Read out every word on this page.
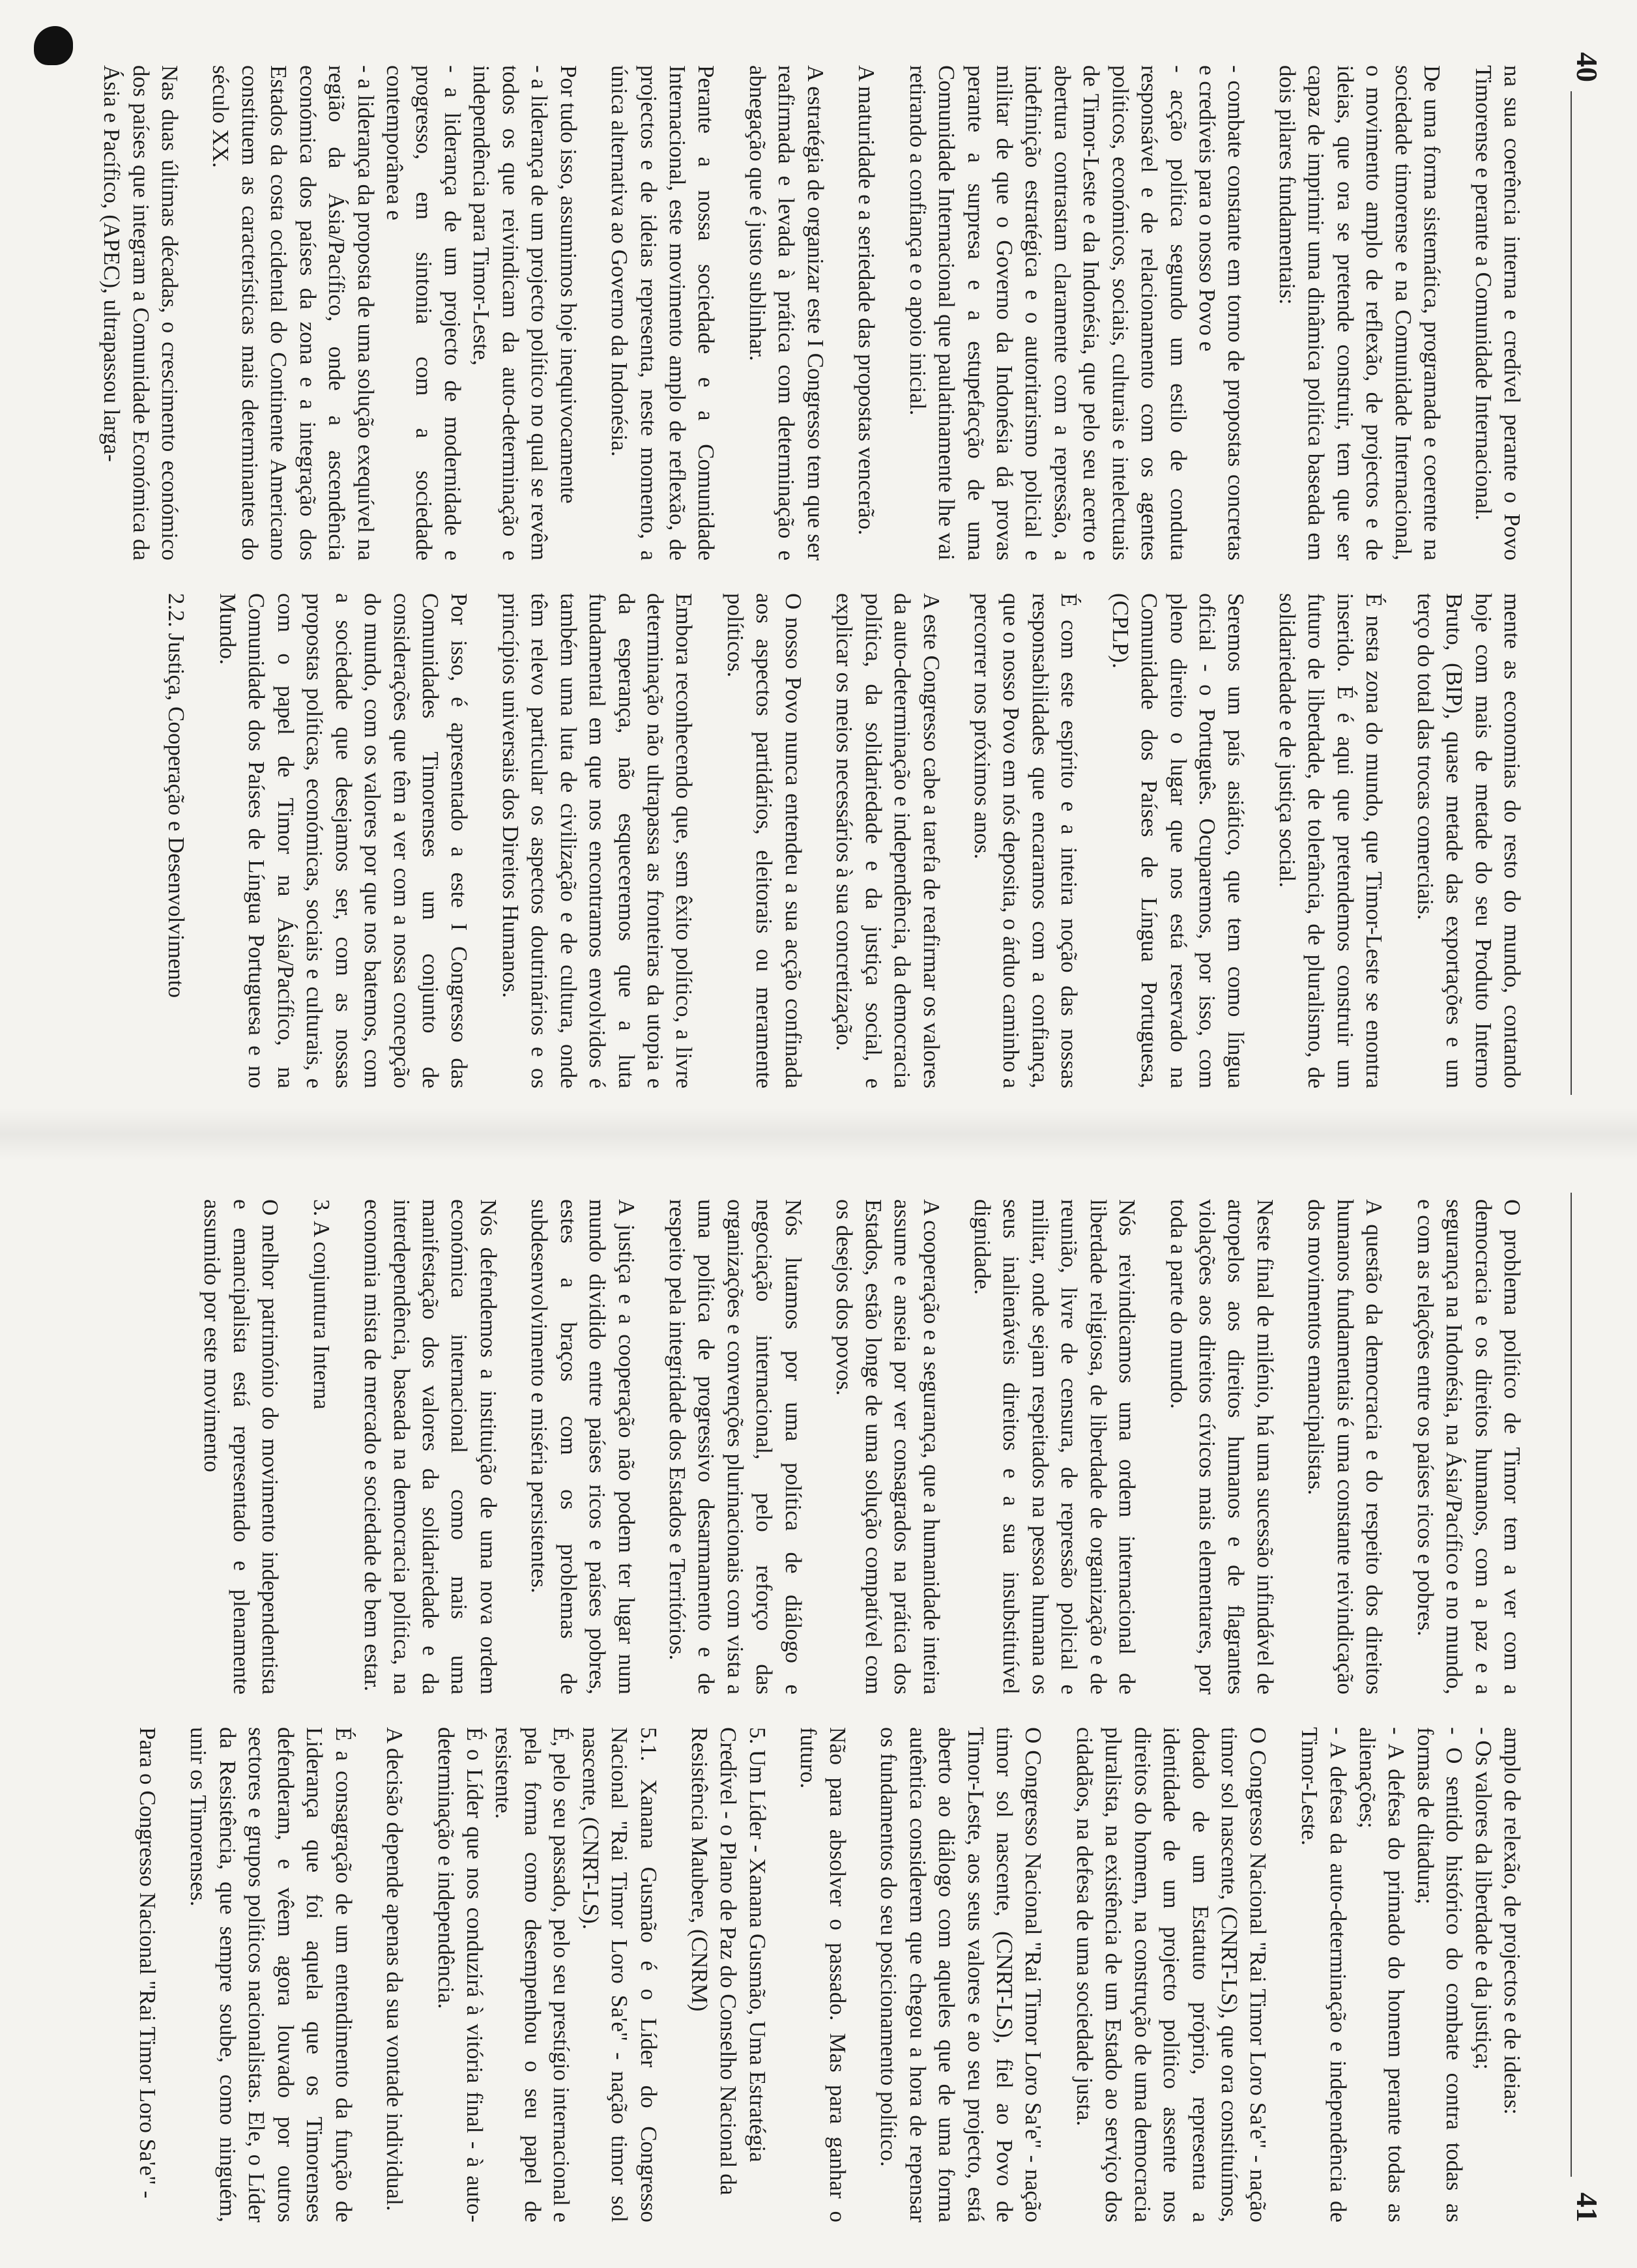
40

na sua coerência interna e credível perante o Povo Timorense e perante a Comunidade Internacional.

De uma forma sistemática, programada e coerente na sociedade timorense e na Comunidade Internacional, o movimento amplo de reflexão, de projectos e de ideias, que ora se pretende construir, tem que ser capaz de imprimir uma dinâmica política baseada em dois pilares fundamentais:

- combate constante em torno de propostas concretas e credíveis para o nosso Povo e
- acção política segundo um estilo de conduta responsável e de relacionamento com os agentes políticos, económicos, sociais, culturais e intelectuais de Timor-Leste e da Indonésia, que pelo seu acerto e abertura contrastam claramente com a repressão, a indefinição estratégica e o autoritarismo policial e militar de que o Governo da Indonésia dá provas perante a surpresa e a estupefacção de uma Comunidade Internacional que paulatinamente lhe vai retirando a confiança e o apoio inicial.

A maturidade e a seriedade das propostas vencerão.

A estratégia de organizar este I Congresso tem que ser reafirmada e levada à prática com determinação e abnegação que é justo sublinhar.

Perante a nossa sociedade e a Comunidade Internacional, este movimento amplo de reflexão, de projectos e de ideias representa, neste momento, a única alternativa ao Governo da Indonésia.

Por tudo isso, assumimos hoje inequivocamente
- a liderança de um projecto político no qual se revêm todos os que reivindicam da auto-determinação e independência para Timor-Leste,
- a liderança de um projecto de modernidade e progresso, em sintonia com a sociedade contemporânea e
- a liderança da proposta de uma solução exequível na região da Ásia/Pacífico, onde a ascendência económica dos países da zona e a integração dos Estados da costa ocidental do Continente Americano constituem as características mais determinantes do século XX.

Nas duas últimas décadas, o crescimento económico dos países que integram a Comunidade Económica da Ásia e Pacífico, (APEC), ultrapassou larga-

mente as economias do resto do mundo, contando hoje com mais de metade do seu Produto Interno Bruto, (BIP), quase metade das exportações e um terço do total das trocas comerciais.

É nesta zona do mundo, que Timor-Leste se enontra inserido. É é aqui que pretendemos construir um futuro de liberdade, de tolerância, de pluralismo, de solidariedade e de justiça social.

Seremos um país asiático, que tem como língua oficial - o Português. Ocuparemos, por isso, com pleno direito o lugar que nos está reservado na Comunidade dos Países de Língua Portuguesa, (CPLP).

É com este espírito e a inteira noção das nossas responsabilidades que encaramos com a confiança, que o nosso Povo em nós deposita, o árduo caminho a percorrer nos próximos anos.

A este Congresso cabe a tarefa de reafirmar os valores da auto-determinação e independência, da democracia política, da solidariedade e da justiça social, e explicar os meios necessários à sua concretização.

O nosso Povo nunca entendeu a sua acção confinada aos aspectos partidários, eleitorais ou meramente políticos.

Embora reconhecendo que, sem êxito político, a livre determinação não ultrapassa as fronteiras da utopia e da esperança, não esqueceremos que a luta fundamental em que nos encontramos envolvidos é também uma luta de civilização e de cultura, onde têm relevo particular os aspectos doutrinários e os princípios universais dos Direitos Humanos.

Por isso, é apresentado a este I Congresso das Comunidades Timorenses um conjunto de considerações que têm a ver com a nossa concepção do mundo, com os valores por que nos batemos, com a sociedade que desejamos ser, com as nossas propostas políticas, económicas, sociais e culturais, e com o papel de Timor na Ásia/Pacífico, na Comunidade dos Países de Língua Portuguesa e no Mundo.

2.2. Justiça, Cooperação e Desenvolvimento
41

O problema político de Timor tem a ver com a democracia e os direitos humanos, com a paz e a segurança na Indonésia, na Ásia/Pacífico e no mundo, e com as relações entre os países ricos e pobres.

A questão da democracia e do respeito dos direitos humanos fundamentais é uma constante reivindicação dos movimentos emancipalistas.

Neste final de milénio, há uma sucessão infindável de atropelos aos direitos humanos e de flagrantes violações aos direitos cívicos mais elementares, por toda a parte do mundo.

Nós reivindicamos uma ordem internacional de liberdade religiosa, de liberdade de organização e de reunião, livre de censura, de repressão policial e militar, onde sejam respeitados na pessoa humana os seus inalienáveis direitos e a sua insubstituível dignidade.

A cooperação e a segurança, que a humanidade inteira assume e anseia por ver consagrados na prática dos Estados, estão longe de uma solução compatível com os desejos dos povos.

Nós lutamos por uma política de diálogo e negociação internacional, pelo reforço das organizações e convenções plurinacionais com vista a uma política de progressivo desarmamento e de respeito pela integridade dos Estados e Territórios.

A justiça e a cooperação não podem ter lugar num mundo dividido entre países ricos e países pobres, estes a braços com os problemas de subdesenvolvimento e miséria persistentes.

Nós defendemos a instituição de uma nova ordem económica internacional como mais uma manifestação dos valores da solidariedade e da interdependência, baseada na democracia política, na economia mista de mercado e sociedade de bem estar.

3. A conjuntura Interna

O melhor património do movimento independentista e emancipalista está representado e plenamente assumido por este movimento

amplo de relexão, de projectos e de ideias:
- Os valores da liberdade e da justiça;
- O sentido histórico do combate contra todas as formas de ditadura;
- A defesa do primado do homem perante todas as alienações;
- A defesa da auto-determinação e independência de Timor-Leste.

O Congresso Nacional "Rai Timor Loro Sa'e" - nação timor sol nascente, (CNRT-LS), que ora constituímos, dotado de um Estatuto próprio, representa a identidade de um projecto político assente nos direitos do homem, na construção de uma democracia pluralista, na existência de um Estado ao serviço dos cidadãos, na defesa de uma sociedade justa.

O Congresso Nacional "Rai Timor Loro Sa'e" - nação timor sol nascente, (CNRT-LS), fiel ao Povo de Timor-Leste, aos seus valores e ao seu projecto, está aberto ao diálogo com aqueles que de uma forma autêntica considerem que chegou a hora de repensar os fundamentos do seu posicionamento político.

Não para absolver o passado. Mas para ganhar o futuro.

5. Um Líder - Xanana Gusmão, Uma Estratégia Credível - o Plano de Paz do Conselho Nacional da Resistência Maubere, (CNRM)

5.1. Xanana Gusmão é o Líder do Congresso Nacional "Rai Timor Loro Sa'e" - nação timor sol nascente, (CNRT-LS).

É, pelo seu passado, pelo seu prestígio internacional e pela forma como desempenhou o seu papel de resistente.

É o Líder que nos conduzirá à vitória final - à auto-determinação e independência.

A decisão depende apenas da sua vontade individual.

É a consagração de um entendimento da função de Liderança que foi aquela que os Timorenses defenderam, e vêem agora louvado por outros sectores e grupos políticos nacionalistas. Ele, o Líder da Resistência, que sempre soube, como ninguém, unir os Timorenses.

Para o Congresso Nacional "Rai Timor Loro Sa'e" -
